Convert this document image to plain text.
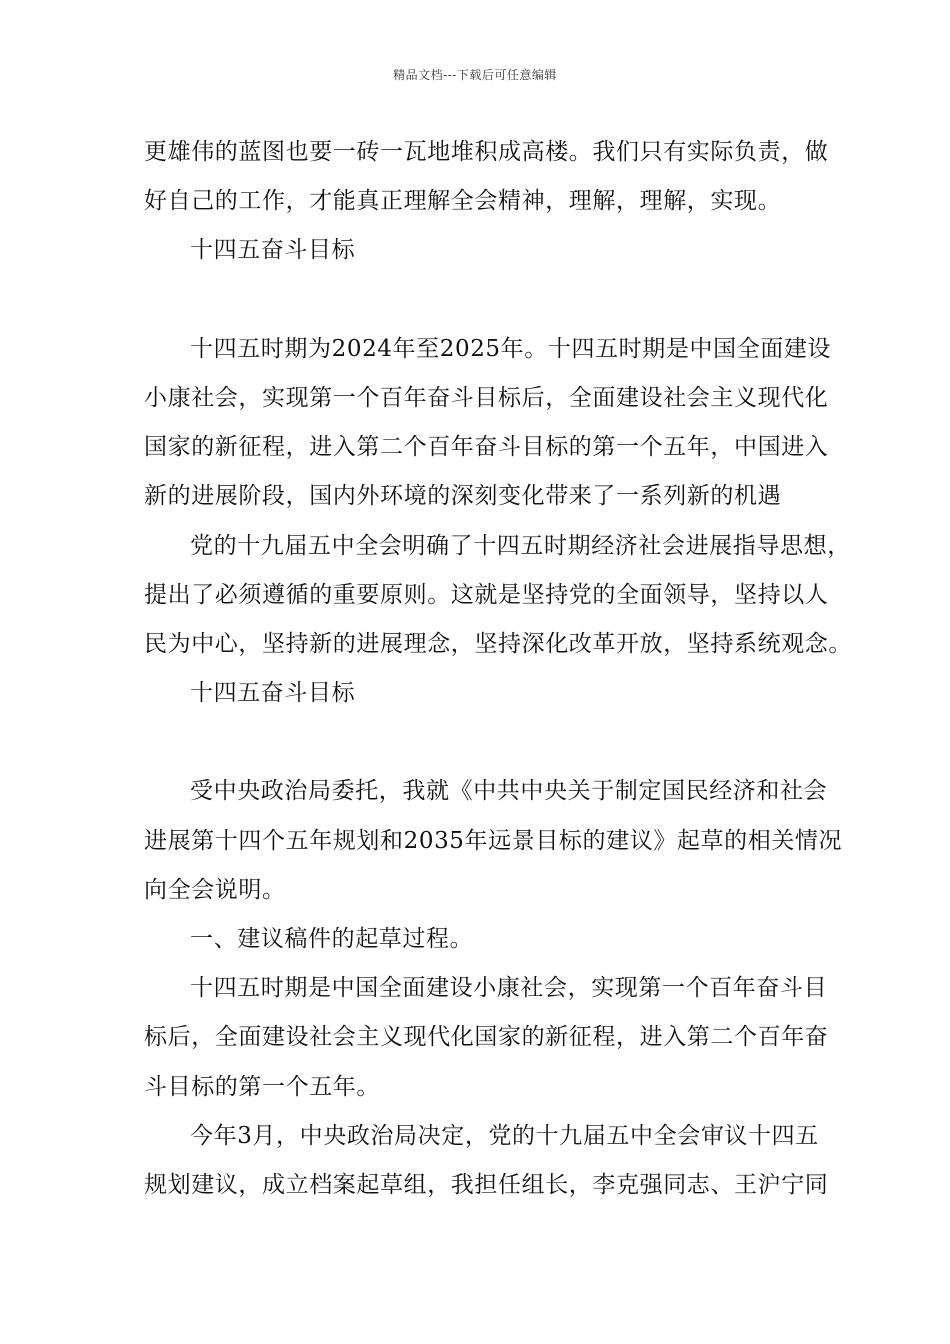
精品文档---下载后可任意编辑

更雄伟的蓝图也要一砖一瓦地堆积成高楼。我们只有实际负责，做
好自己的工作，才能真正理解全会精神，理解，理解，实现。

十四五奋斗目标

十四五时期为2024年至2025年。十四五时期是中国全面建设
小康社会，实现第一个百年奋斗目标后，全面建设社会主义现代化
国家的新征程，进入第二个百年奋斗目标的第一个五年，中国进入
新的进展阶段，国内外环境的深刻变化带来了一系列新的机遇

党的十九届五中全会明确了十四五时期经济社会进展指导思想，
提出了必须遵循的重要原则。这就是坚持党的全面领导，坚持以人
民为中心，坚持新的进展理念，坚持深化改革开放，坚持系统观念。

十四五奋斗目标

受中央政治局委托，我就《中共中央关于制定国民经济和社会
进展第十四个五年规划和2035年远景目标的建议》起草的相关情况
向全会说明。

一、建议稿件的起草过程。

十四五时期是中国全面建设小康社会，实现第一个百年奋斗目
标后，全面建设社会主义现代化国家的新征程，进入第二个百年奋
斗目标的第一个五年。

今年3月，中央政治局决定，党的十九届五中全会审议十四五
规划建议，成立档案起草组，我担任组长，李克强同志、王沪宁同
